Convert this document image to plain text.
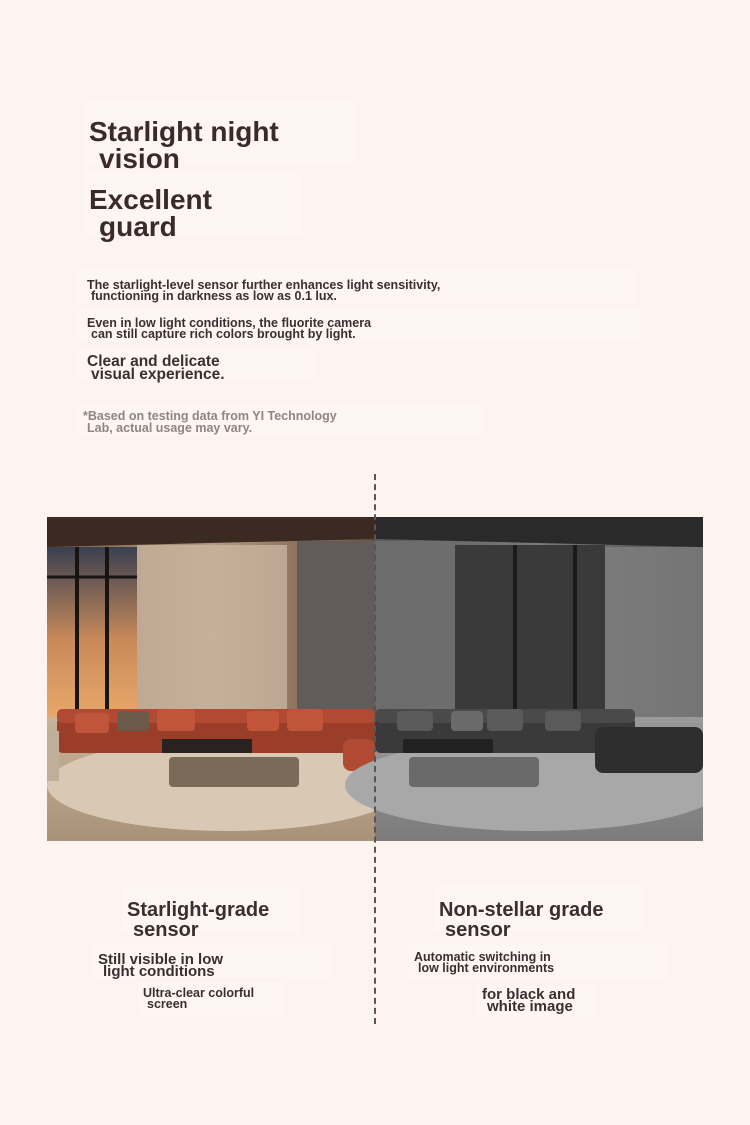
Starlight night
vision
Excellent
guard
The starlight-level sensor further enhances light sensitivity,
functioning in darkness as low as 0.1 lux.
Even in low light conditions, the fluorite camera
can still capture rich colors brought by light.
Clear and delicate
visual experience.
*Based on testing data from YI Technology
Lab, actual usage may vary.
Starlight-grade
sensor
Still visible in low
light conditions
Ultra-clear colorful
screen
Non-stellar grade
sensor
Automatic switching in
low light environments
for black and
white image
